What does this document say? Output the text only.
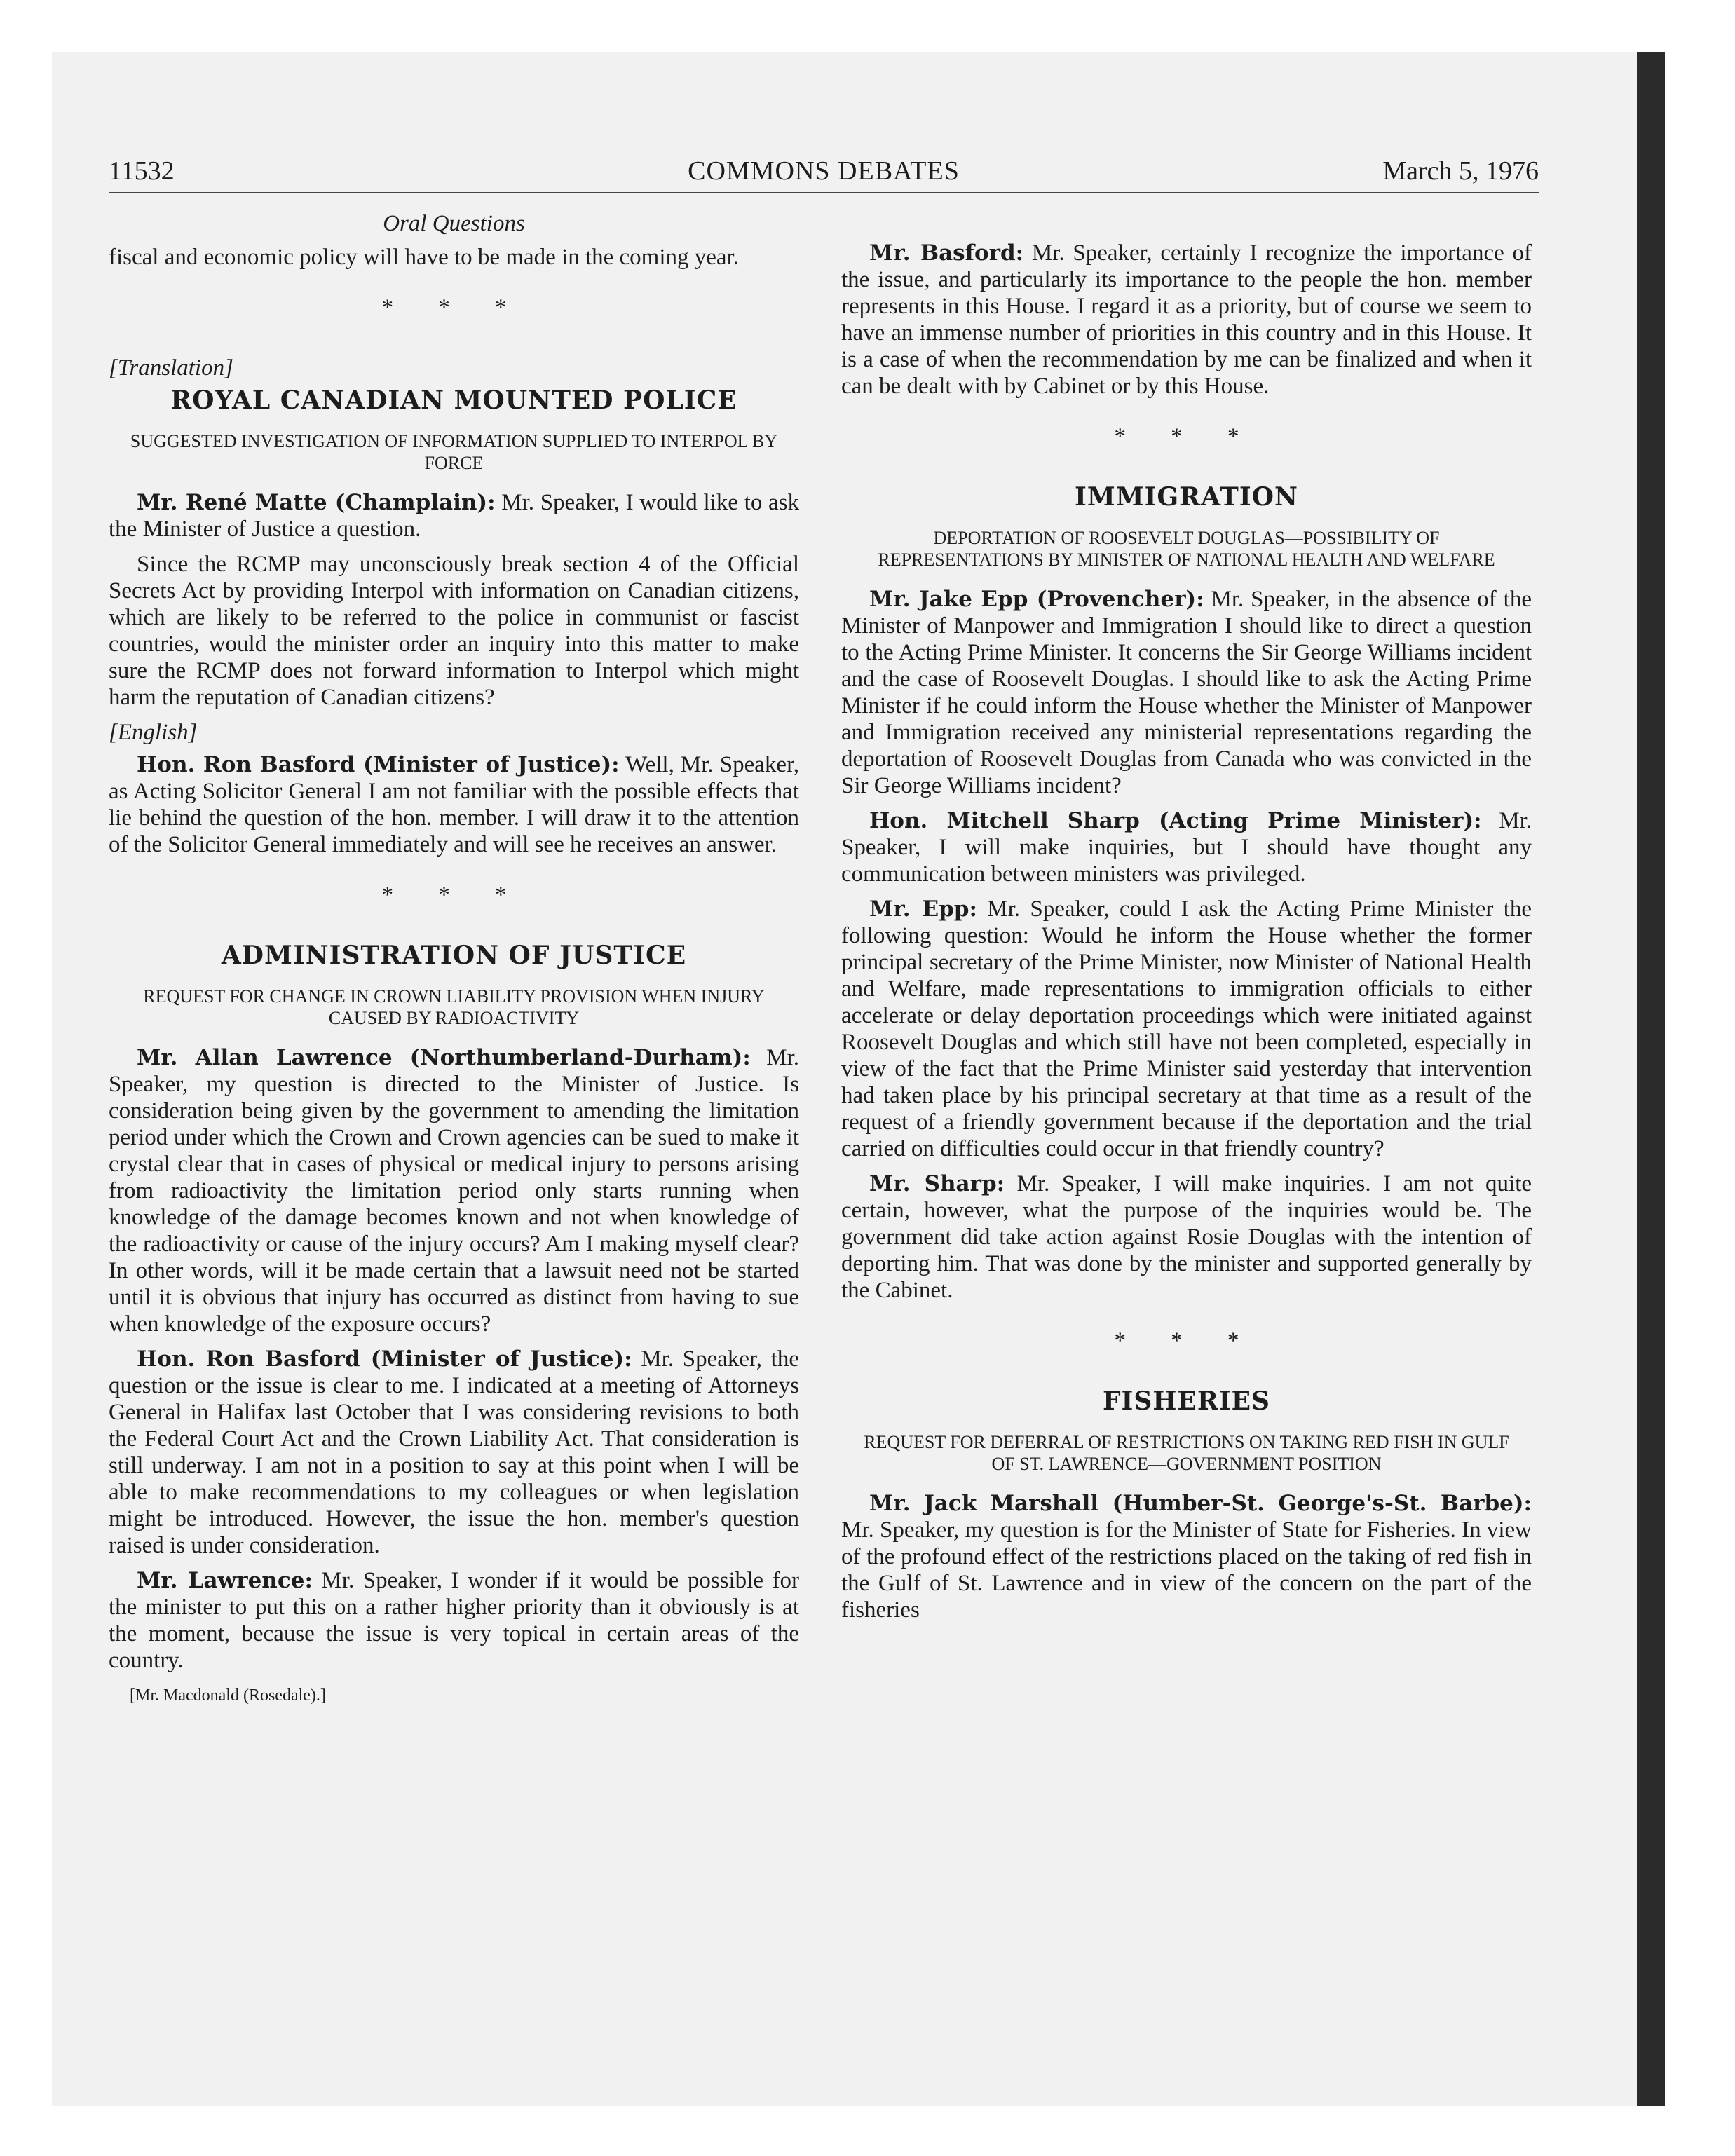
11532	COMMONS DEBATES	March 5, 1976
Oral Questions

fiscal and economic policy will have to be made in the coming year.

* * *
[Translation]
ROYAL CANADIAN MOUNTED POLICE
SUGGESTED INVESTIGATION OF INFORMATION SUPPLIED TO INTERPOL BY FORCE

Mr. René Matte (Champlain): Mr. Speaker, I would like to ask the Minister of Justice a question.

Since the RCMP may unconsciously break section 4 of the Official Secrets Act by providing Interpol with information on Canadian citizens, which are likely to be referred to the police in communist or fascist countries, would the minister order an inquiry into this matter to make sure the RCMP does not forward information to Interpol which might harm the reputation of Canadian citizens?

[English]

Hon. Ron Basford (Minister of Justice): Well, Mr. Speaker, as Acting Solicitor General I am not familiar with the possible effects that lie behind the question of the hon. member. I will draw it to the attention of the Solicitor General immediately and will see he receives an answer.

* * *
ADMINISTRATION OF JUSTICE
REQUEST FOR CHANGE IN CROWN LIABILITY PROVISION WHEN INJURY CAUSED BY RADIOACTIVITY

Mr. Allan Lawrence (Northumberland-Durham): Mr. Speaker, my question is directed to the Minister of Justice. Is consideration being given by the government to amending the limitation period under which the Crown and Crown agencies can be sued to make it crystal clear that in cases of physical or medical injury to persons arising from radioactivity the limitation period only starts running when knowledge of the damage becomes known and not when knowledge of the radioactivity or cause of the injury occurs? Am I making myself clear? In other words, will it be made certain that a lawsuit need not be started until it is obvious that injury has occurred as distinct from having to sue when knowledge of the exposure occurs?

Hon. Ron Basford (Minister of Justice): Mr. Speaker, the question or the issue is clear to me. I indicated at a meeting of Attorneys General in Halifax last October that I was considering revisions to both the Federal Court Act and the Crown Liability Act. That consideration is still underway. I am not in a position to say at this point when I will be able to make recommendations to my colleagues or when legislation might be introduced. However, the issue the hon. member's question raised is under consideration.

Mr. Lawrence: Mr. Speaker, I wonder if it would be possible for the minister to put this on a rather higher priority than it obviously is at the moment, because the issue is very topical in certain areas of the country.

[Mr. Macdonald (Rosedale).]

Mr. Basford: Mr. Speaker, certainly I recognize the importance of the issue, and particularly its importance to the people the hon. member represents in this House. I regard it as a priority, but of course we seem to have an immense number of priorities in this country and in this House. It is a case of when the recommendation by me can be finalized and when it can be dealt with by Cabinet or by this House.

* * *
IMMIGRATION
DEPORTATION OF ROOSEVELT DOUGLAS—POSSIBILITY OF REPRESENTATIONS BY MINISTER OF NATIONAL HEALTH AND WELFARE

Mr. Jake Epp (Provencher): Mr. Speaker, in the absence of the Minister of Manpower and Immigration I should like to direct a question to the Acting Prime Minister. It concerns the Sir George Williams incident and the case of Roosevelt Douglas. I should like to ask the Acting Prime Minister if he could inform the House whether the Minister of Manpower and Immigration received any ministerial representations regarding the deportation of Roosevelt Douglas from Canada who was convicted in the Sir George Williams incident?

Hon. Mitchell Sharp (Acting Prime Minister): Mr. Speaker, I will make inquiries, but I should have thought any communication between ministers was privileged.

Mr. Epp: Mr. Speaker, could I ask the Acting Prime Minister the following question: Would he inform the House whether the former principal secretary of the Prime Minister, now Minister of National Health and Welfare, made representations to immigration officials to either accelerate or delay deportation proceedings which were initiated against Roosevelt Douglas and which still have not been completed, especially in view of the fact that the Prime Minister said yesterday that intervention had taken place by his principal secretary at that time as a result of the request of a friendly government because if the deportation and the trial carried on difficulties could occur in that friendly country?

Mr. Sharp: Mr. Speaker, I will make inquiries. I am not quite certain, however, what the purpose of the inquiries would be. The government did take action against Rosie Douglas with the intention of deporting him. That was done by the minister and supported generally by the Cabinet.

* * *
FISHERIES
REQUEST FOR DEFERRAL OF RESTRICTIONS ON TAKING RED FISH IN GULF OF ST. LAWRENCE—GOVERNMENT POSITION

Mr. Jack Marshall (Humber-St. George's-St. Barbe): Mr. Speaker, my question is for the Minister of State for Fisheries. In view of the profound effect of the restrictions placed on the taking of red fish in the Gulf of St. Lawrence and in view of the concern on the part of the fisheries
